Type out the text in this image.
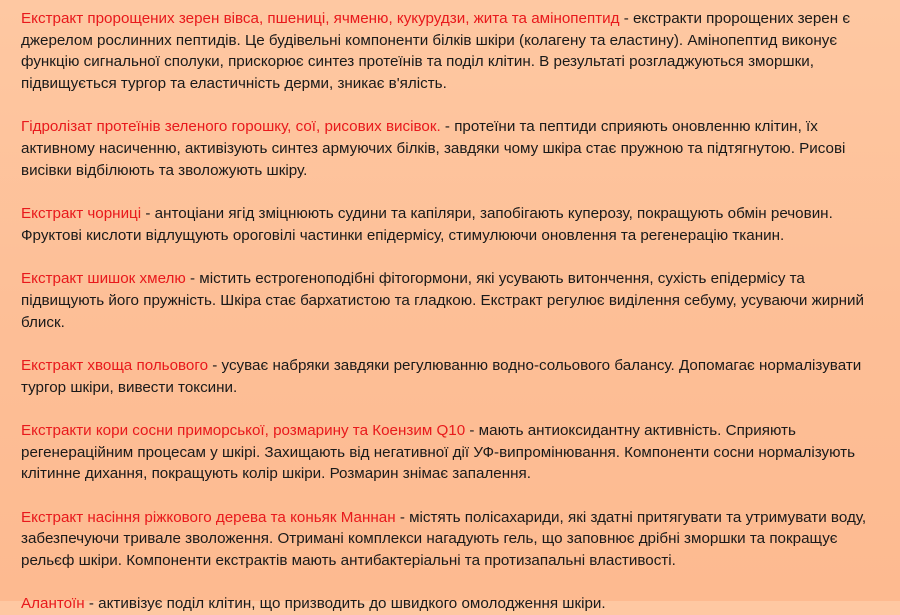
Екстракт пророщених зерен вівса, пшениці, ячменю, кукурудзи, жита та амінопептид - екстракти пророщених зерен є джерелом рослинних пептидів. Це будівельні компоненти білків шкіри (колагену та еластину). Амінопептид виконує функцію сигнальної сполуки, прискорює синтез протеїнів та поділ клітин. В результаті розгладжуються зморшки, підвищується тургор та еластичність дерми, зникає в'ялість.

Гідролізат протеїнів зеленого горошку, сої, рисових висівок. - протеїни та пептиди сприяють оновленню клітин, їх активному насиченню, активізують синтез армуючих білків, завдяки чому шкіра стає пружною та підтягнутою. Рисові висівки відбілюють та зволожують шкіру.

Екстракт чорниці - антоціани ягід зміцнюють судини та капіляри, запобігають куперозу, покращують обмін речовин. Фруктові кислоти відлущують ороговілі частинки епідермісу, стимулюючи оновлення та регенерацію тканин.

Екстракт шишок хмелю - містить естрогеноподібні фітогормони, які усувають витончення, сухість епідермісу та підвищують його пружність. Шкіра стає бархатистою та гладкою. Екстракт регулює виділення себуму, усуваючи жирний блиск.

Екстракт хвоща польового - усуває набряки завдяки регулюванню водно-сольового балансу. Допомагає нормалізувати тургор шкіри, вивести токсини.

Екстракти кори сосни приморської, розмарину та Коензим Q10 - мають антиоксидантну активність. Сприяють регенераційним процесам у шкірі. Захищають від негативної дії УФ-випромінювання. Компоненти сосни нормалізують клітинне дихання, покращують колір шкіри. Розмарин знімає запалення.

Екстракт насіння ріжкового дерева та коньяк Маннан - містять полісахариди, які здатні притягувати та утримувати воду, забезпечуючи тривале зволоження. Отримані комплекси нагадують гель, що заповнює дрібні зморшки та покращує рельєф шкіри. Компоненти екстрактів мають антибактеріальні та протизапальні властивості.

Алантоїн - активізує поділ клітин, що призводить до швидкого омолодження шкіри.
